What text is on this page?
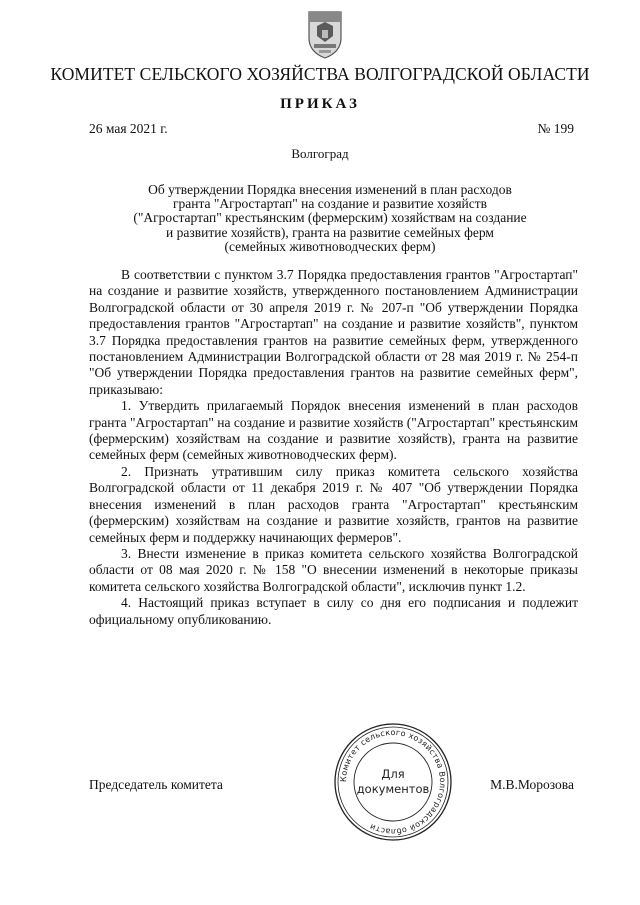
КОМИТЕТ СЕЛЬСКОГО ХОЗЯЙСТВА ВОЛГОГРАДСКОЙ ОБЛАСТИ
ПРИКАЗ
26 мая 2021 г.	№ 199
Волгоград
Об утверждении Порядка внесения изменений в план расходов
гранта "Агростартап" на создание и развитие хозяйств
("Агростартап" крестьянским (фермерским) хозяйствам на создание
и развитие хозяйств), гранта на развитие семейных ферм
(семейных животноводческих ферм)

В соответствии с пунктом 3.7 Порядка предоставления грантов "Агростартап" на создание и развитие хозяйств, утвержденного постановлением Администрации Волгоградской области от 30 апреля 2019 г. № 207-п "Об утверждении Порядка предоставления грантов "Агростартап" на создание и развитие хозяйств", пунктом 3.7 Порядка предоставления грантов на развитие семейных ферм, утвержденного постановлением Администрации Волгоградской области от 28 мая 2019 г. № 254-п "Об утверждении Порядка предоставления грантов на развитие семейных ферм", приказываю:

1. Утвердить прилагаемый Порядок внесения изменений в план расходов гранта "Агростартап" на создание и развитие хозяйств ("Агростартап" крестьянским (фермерским) хозяйствам на создание и развитие хозяйств), гранта на развитие семейных ферм (семейных животноводческих ферм).

2. Признать утратившим силу приказ комитета сельского хозяйства Волгоградской области от 11 декабря 2019 г. № 407 "Об утверждении Порядка внесения изменений в план расходов гранта "Агростартап" крестьянским (фермерским) хозяйствам на создание и развитие хозяйств, грантов на развитие семейных ферм и поддержку начинающих фермеров".

3. Внести изменение в приказ комитета сельского хозяйства Волгоградской области от 08 мая 2020 г. № 158 "О внесении изменений в некоторые приказы комитета сельского хозяйства Волгоградской области", исключив пункт 1.2.

4. Настоящий приказ вступает в силу со дня его подписания и подлежит официальному опубликованию.

Председатель комитета	М.В.Морозова
Комитет сельского хозяйства Волгоградской области
Для
документов
